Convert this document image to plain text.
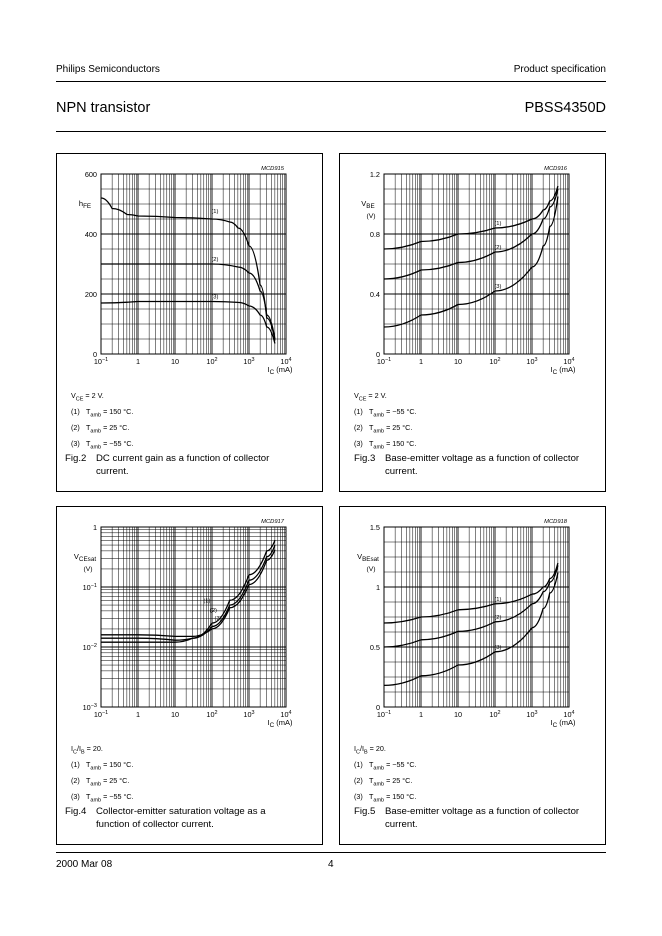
Philips Semiconductors	Product specification
NPN transistor	PBSS4350D
0
200
400
600
$10^{-1}$	1	10	$10^2$	$10^3$	$10^4$
$h_{FE}$
$I_C$ (mA)
MCD915
(1)
(2)
(3)
$V_{CE} = 2$ V.
(1) $T_{amb} = 150$ °C.
(2) $T_{amb} = 25$ °C.
(3) $T_{amb} = -55$ °C.
Fig.2 DC current gain as a function of collector current.
0
0.4
0.8
1.2
$10^{-1}$	1	10	$10^2$	$10^3$	$10^4$
$V_{BE}$
(V)
$I_C$ (mA)
MCD916
(1)
(2)
(3)
$V_{CE} = 2$ V.
(1) $T_{amb} = -55$ °C.
(2) $T_{amb} = 25$ °C.
(3) $T_{amb} = 150$ °C.
Fig.3 Base-emitter voltage as a function of collector current.
$10^{-3}$
$10^{-2}$
$10^{-1}$
1
$10^{-1}$	1	10	$10^2$	$10^3$	$10^4$
$V_{CEsat}$
(V)
$I_C$ (mA)
MCD917
(1)
(2)
(3)
$I_C/I_B = 20$.
(1) $T_{amb} = 150$ °C.
(2) $T_{amb} = 25$ °C.
(3) $T_{amb} = -55$ °C.
Fig.4 Collector-emitter saturation voltage as a function of collector current.
0
0.5
1
1.5
$10^{-1}$	1	10	$10^2$	$10^3$	$10^4$
$V_{BEsat}$
(V)
$I_C$ (mA)
MCD918
(1)
(2)
(3)
$I_C/I_B = 20$.
(1) $T_{amb} = -55$ °C.
(2) $T_{amb} = 25$ °C.
(3) $T_{amb} = 150$ °C.
Fig.5 Base-emitter voltage as a function of collector current.
2000 Mar 08	4
